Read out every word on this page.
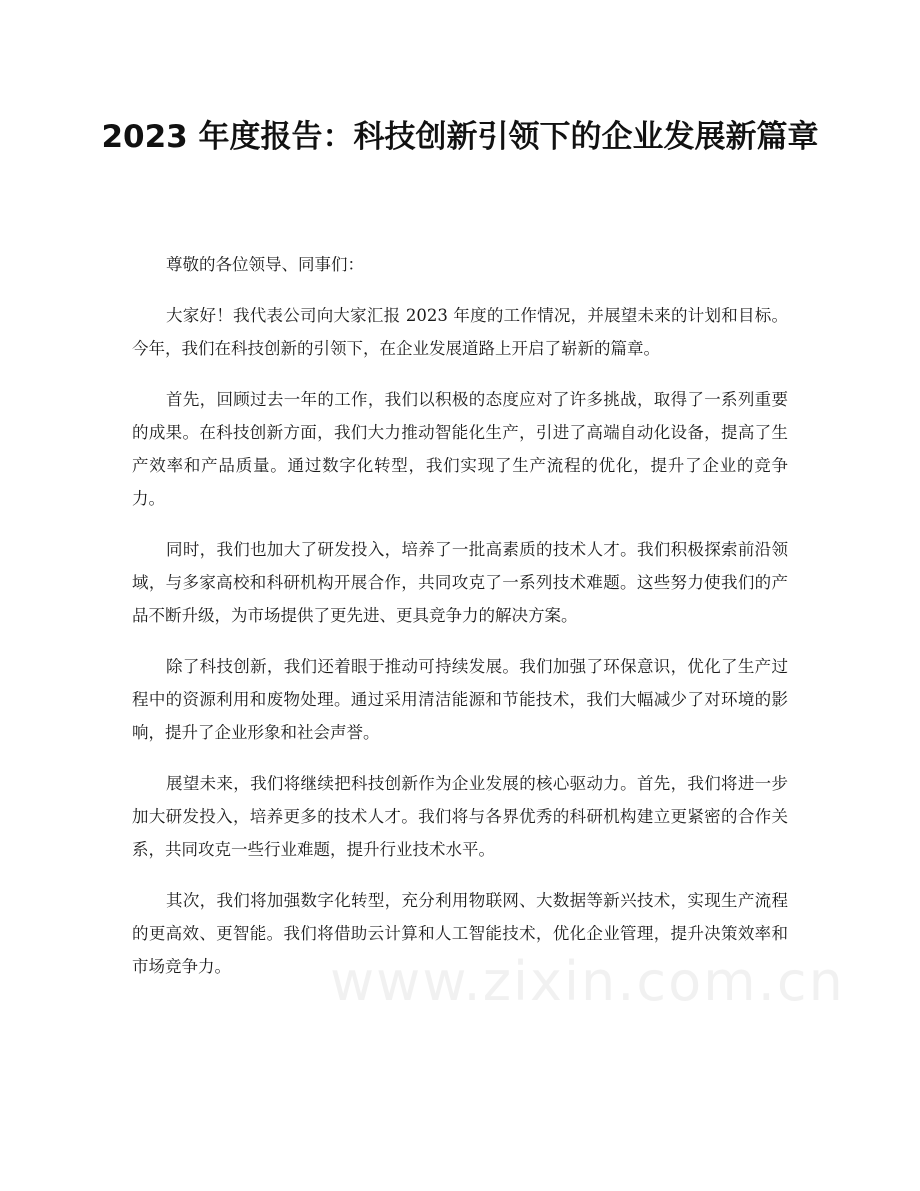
2023 年度报告：科技创新引领下的企业发展新篇章

尊敬的各位领导、同事们：

大家好！我代表公司向大家汇报 2023 年度的工作情况，并展望未来的计划和目标。今年，我们在科技创新的引领下，在企业发展道路上开启了崭新的篇章。

首先，回顾过去一年的工作，我们以积极的态度应对了许多挑战，取得了一系列重要的成果。在科技创新方面，我们大力推动智能化生产，引进了高端自动化设备，提高了生产效率和产品质量。通过数字化转型，我们实现了生产流程的优化，提升了企业的竞争力。

同时，我们也加大了研发投入，培养了一批高素质的技术人才。我们积极探索前沿领域，与多家高校和科研机构开展合作，共同攻克了一系列技术难题。这些努力使我们的产品不断升级，为市场提供了更先进、更具竞争力的解决方案。

除了科技创新，我们还着眼于推动可持续发展。我们加强了环保意识，优化了生产过程中的资源利用和废物处理。通过采用清洁能源和节能技术，我们大幅减少了对环境的影响，提升了企业形象和社会声誉。

展望未来，我们将继续把科技创新作为企业发展的核心驱动力。首先，我们将进一步加大研发投入，培养更多的技术人才。我们将与各界优秀的科研机构建立更紧密的合作关系，共同攻克一些行业难题，提升行业技术水平。

其次，我们将加强数字化转型，充分利用物联网、大数据等新兴技术，实现生产流程的更高效、更智能。我们将借助云计算和人工智能技术，优化企业管理，提升决策效率和市场竞争力。	www.zixin.com.cn
